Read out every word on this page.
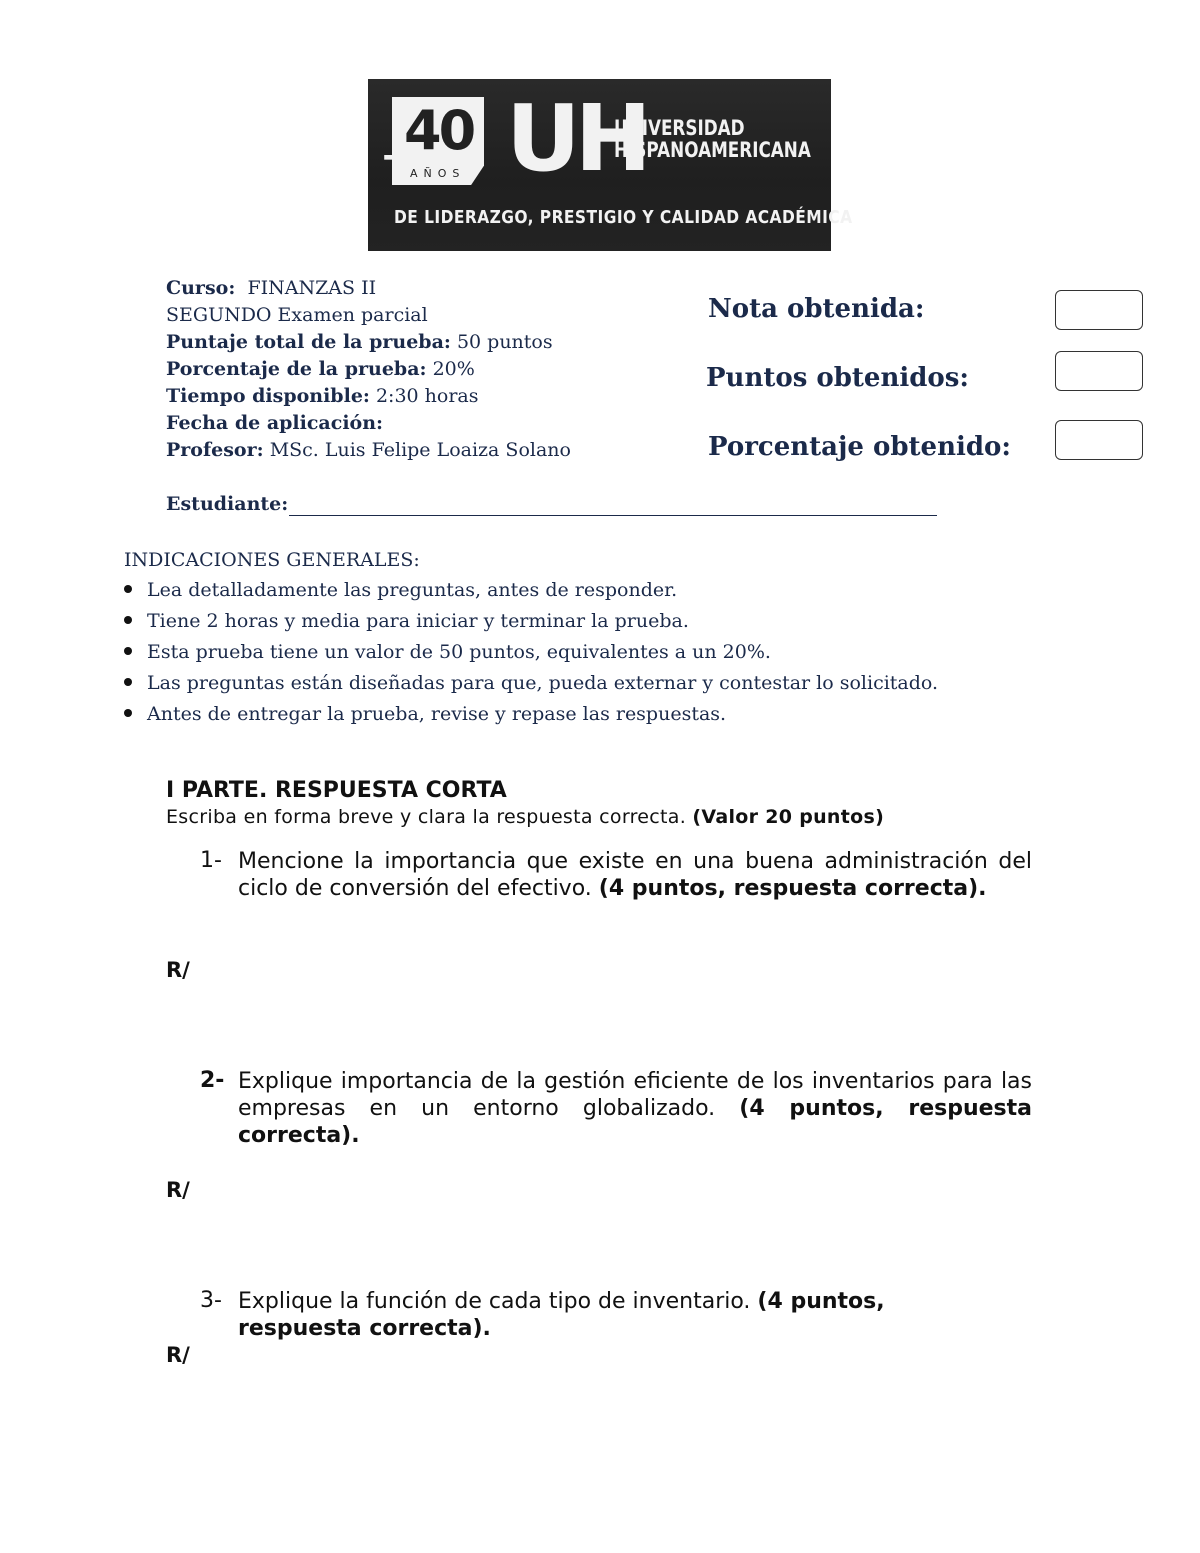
40
+
AÑOS UH
UNIVERSIDAD
HISPANOAMERICANA
DE LIDERAZGO, PRESTIGIO Y CALIDAD ACADÉMICA
Curso: FINANZAS II
SEGUNDO Examen parcial
Puntaje total de la prueba: 50 puntos
Porcentaje de la prueba: 20%
Tiempo disponible: 2:30 horas
Fecha de aplicación:
Profesor: MSc. Luis Felipe Loaiza Solano
Estudiante:
Nota obtenida:
Puntos obtenidos:
Porcentaje obtenido:
INDICACIONES GENERALES:
Lea detalladamente las preguntas, antes de responder.
Tiene 2 horas y media para iniciar y terminar la prueba.
Esta prueba tiene un valor de 50 puntos, equivalentes a un 20%.
Las preguntas están diseñadas para que, pueda externar y contestar lo solicitado.
Antes de entregar la prueba, revise y repase las respuestas.
I PARTE. RESPUESTA CORTA
Escriba en forma breve y clara la respuesta correcta. (Valor 20 puntos)
1- Mencione la importancia que existe en una buena administración del ciclo de conversión del efectivo. (4 puntos, respuesta correcta).
R/
2- Explique importancia de la gestión eficiente de los inventarios para las empresas en un entorno globalizado. (4 puntos, respuesta correcta).
R/
3- Explique la función de cada tipo de inventario. (4 puntos, respuesta correcta).
R/
